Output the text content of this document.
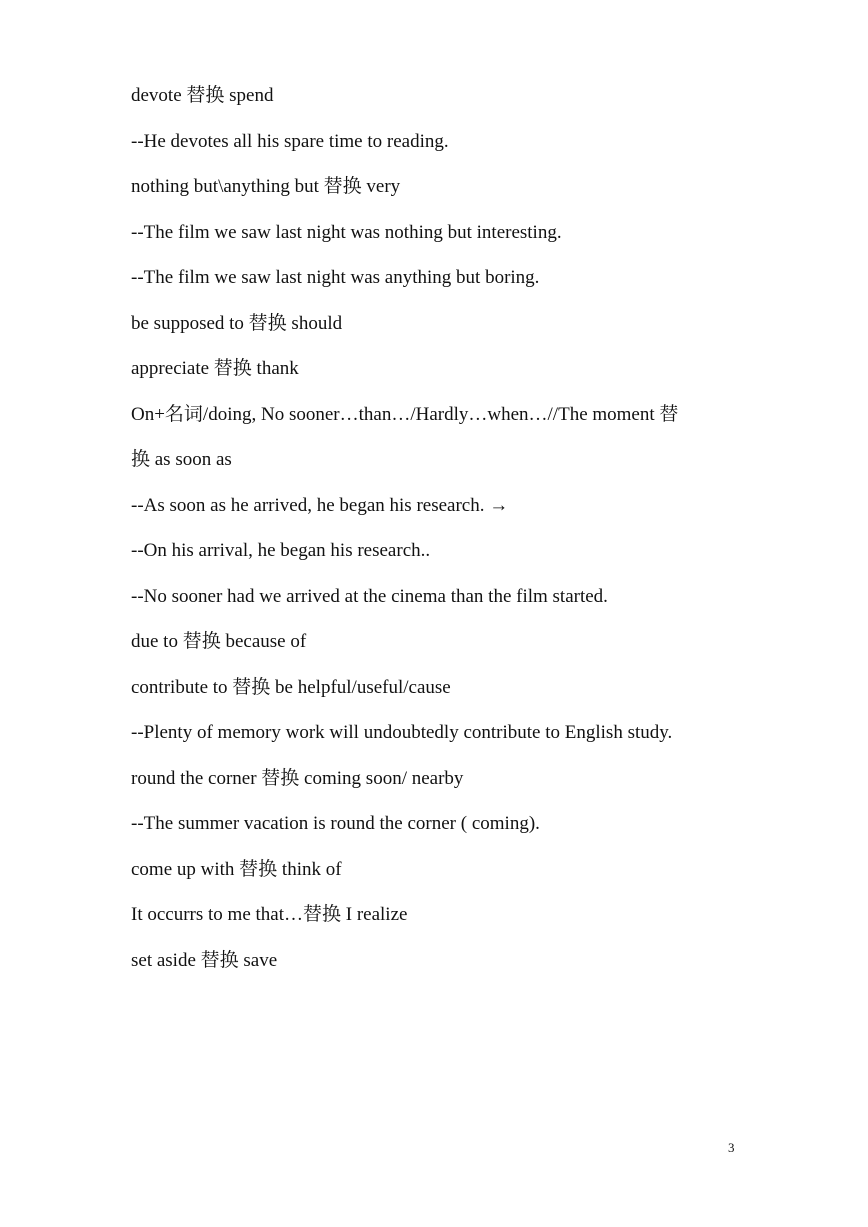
devote 替换 spend
--He devotes all his spare time to reading.
nothing but\anything but 替换 very
--The film we saw last night was nothing but interesting.
--The film we saw last night was anything but boring.
be supposed to 替换 should
appreciate 替换 thank
On+名词/doing, No sooner…than…/Hardly…when…//The moment 替
换 as soon as
--As soon as he arrived, he began his research. →
--On his arrival, he began his research..
--No sooner had we arrived at the cinema than the film started.
due to 替换 because of
contribute to 替换 be helpful/useful/cause
--Plenty of memory work will undoubtedly contribute to English study.
round the corner 替换 coming soon/ nearby
--The summer vacation is round the corner ( coming).
come up with 替换 think of
It occurrs to me that…替换 I realize
set aside 替换 save
3
